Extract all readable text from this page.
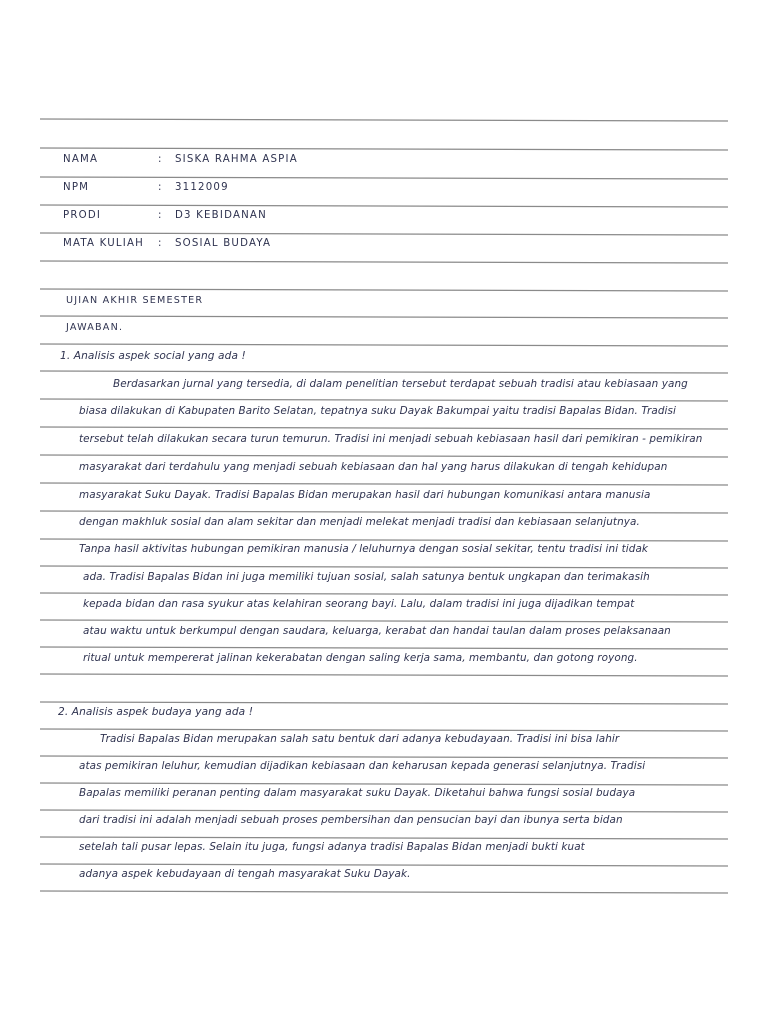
NAMA	: SISKA RAHMA ASPIA
NPM	: 3112009
PRODI	: D3 KEBIDANAN
MATA KULIAH : SOSIAL BUDAYA
UJIAN AKHIR SEMESTER
JAWABAN.
1. Analisis aspek social yang ada !
Berdasarkan jurnal yang tersedia, di dalam penelitian tersebut terdapat sebuah tradisi atau kebiasaan yang
biasa dilakukan di Kabupaten Barito Selatan, tepatnya suku Dayak Bakumpai yaitu tradisi Bapalas Bidan. Tradisi
tersebut telah dilakukan secara turun temurun. Tradisi ini menjadi sebuah kebiasaan hasil dari pemikiran - pemikiran
masyarakat dari terdahulu yang menjadi sebuah kebiasaan dan hal yang harus dilakukan di tengah kehidupan
masyarakat Suku Dayak. Tradisi Bapalas Bidan merupakan hasil dari hubungan komunikasi antara manusia
dengan makhluk sosial dan alam sekitar dan menjadi melekat menjadi tradisi dan kebiasaan selanjutnya.
Tanpa hasil aktivitas hubungan pemikiran manusia / leluhurnya dengan sosial sekitar, tentu tradisi ini tidak
ada. Tradisi Bapalas Bidan ini juga memiliki tujuan sosial, salah satunya bentuk ungkapan dan terimakasih
kepada bidan dan rasa syukur atas kelahiran seorang bayi. Lalu, dalam tradisi ini juga dijadikan tempat
atau waktu untuk berkumpul dengan saudara, keluarga, kerabat dan handai taulan dalam proses pelaksanaan
ritual untuk mempererat jalinan kekerabatan dengan saling kerja sama, membantu, dan gotong royong.
2. Analisis aspek budaya yang ada !
Tradisi Bapalas Bidan merupakan salah satu bentuk dari adanya kebudayaan. Tradisi ini bisa lahir
atas pemikiran leluhur, kemudian dijadikan kebiasaan dan keharusan kepada generasi selanjutnya. Tradisi
Bapalas memiliki peranan penting dalam masyarakat suku Dayak. Diketahui bahwa fungsi sosial budaya
dari tradisi ini adalah menjadi sebuah proses pembersihan dan pensucian bayi dan ibunya serta bidan
setelah tali pusar lepas. Selain itu juga, fungsi adanya tradisi Bapalas Bidan menjadi bukti kuat
adanya aspek kebudayaan di tengah masyarakat Suku Dayak.
